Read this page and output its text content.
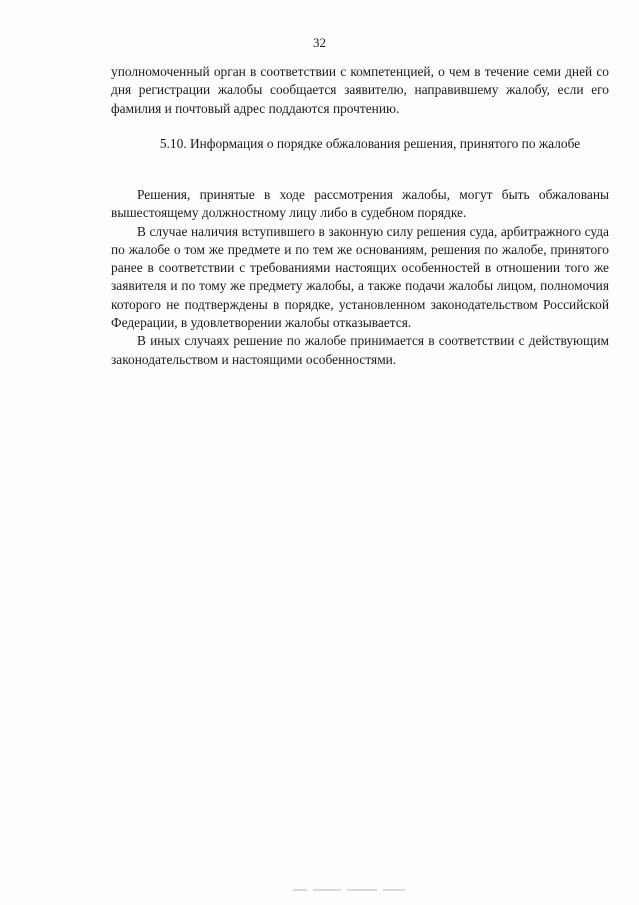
32

уполномоченный орган в соответствии с компетенцией, о чем в течение семи дней со дня регистрации жалобы сообщается заявителю, направившему жалобу, если его фамилия и почтовый адрес поддаются прочтению.

5.10. Информация о порядке обжалования решения, принятого по жалобе

Решения, принятые в ходе рассмотрения жалобы, могут быть обжалованы вышестоящему должностному лицу либо в судебном порядке.

В случае наличия вступившего в законную силу решения суда, арбитражного суда по жалобе о том же предмете и по тем же основаниям, решения по жалобе, принятого ранее в соответствии с требованиями настоящих особенностей в отношении того же заявителя и по тому же предмету жалобы, а также подачи жалобы лицом, полномочия которого не подтверждены в порядке, установленном законодательством Российской Федерации, в удовлетворении жалобы отказывается.

В иных случаях решение по жалобе принимается в соответствии с действующим законодательством и настоящими особенностями.
